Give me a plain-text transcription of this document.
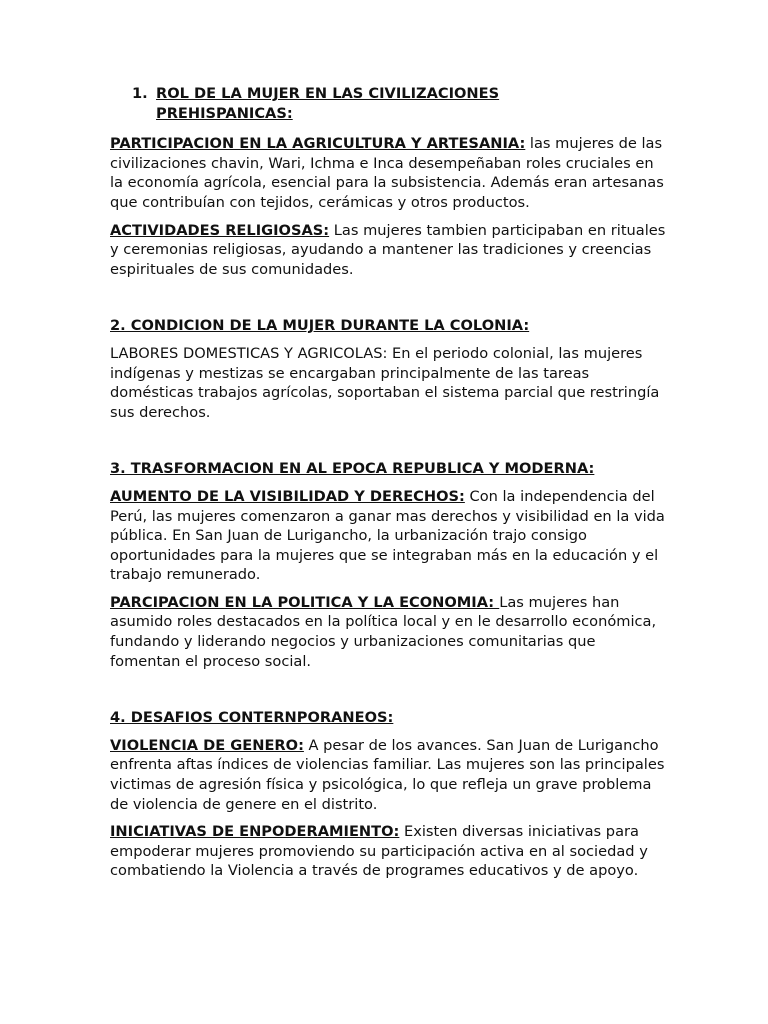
1. ROL DE LA MUJER EN LAS CIVILIZACIONES PREHISPANICAS:

PARTICIPACION EN LA AGRICULTURA Y ARTESANIA: las mujeres de las civilizaciones chavin, Wari, Ichma e Inca desempeñaban roles cruciales en la economía agrícola, esencial para la subsistencia. Además eran artesanas que contribuían con tejidos, cerámicas y otros productos.

ACTIVIDADES RELIGIOSAS: Las mujeres tambien participaban en rituales y ceremonias religiosas, ayudando a mantener las tradiciones y creencias espirituales de sus comunidades.

2. CONDICION DE LA MUJER DURANTE LA COLONIA:

LABORES DOMESTICAS Y AGRICOLAS: En el periodo colonial, las mujeres indígenas y mestizas se encargaban principalmente de las tareas domésticas trabajos agrícolas, soportaban el sistema parcial que restringía sus derechos.

3. TRASFORMACION EN AL EPOCA REPUBLICA Y MODERNA:

AUMENTO DE LA VISIBILIDAD Y DERECHOS: Con la independencia del Perú, las mujeres comenzaron a ganar mas derechos y visibilidad en la vida pública. En San Juan de Lurigancho, la urbanización trajo consigo oportunidades para la mujeres que se integraban más en la educación y el trabajo remunerado.

PARCIPACION EN LA POLITICA Y LA ECONOMIA: Las mujeres han asumido roles destacados en la política local y en le desarrollo económica, fundando y liderando negocios y urbanizaciones comunitarias que fomentan el proceso social.

4. DESAFIOS CONTERNPORANEOS:

VIOLENCIA DE GENERO: A pesar de los avances. San Juan de Lurigancho enfrenta aftas índices de violencias familiar. Las mujeres son las principales victimas de agresión física y psicológica, lo que refleja un grave problema de violencia de genere en el distrito.

INICIATIVAS DE ENPODERAMIENTO: Existen diversas iniciativas para empoderar mujeres promoviendo su participación activa en al sociedad y combatiendo la Violencia a través de programes educativos y de apoyo.
